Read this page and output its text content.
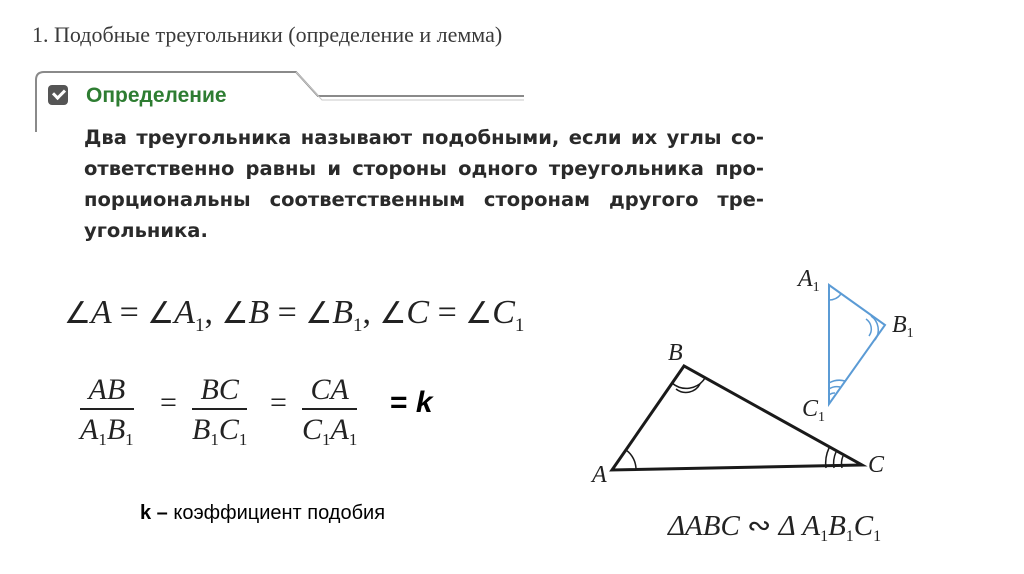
1. Подобные треугольники (определение и лемма)
Определение
Два треугольника называют подобными, если их углы со-
ответственно равны и стороны одного треугольника про-
порциональны соответственным сторонам другого тре-
угольника.
∠A = $\angle A_1$, ∠B = $\angle B_1$, ∠C = $\angle C_1$
$\frac{AB}{A_1B_1} = \frac{BC}{B_1C_1} = \frac{CA}{C_1A_1} = k$
k – коэффициент подобия
A
B
C
$A_1$
$B_1$
$C_1$
ΔABC ∾ Δ $A_1B_1C_1$
